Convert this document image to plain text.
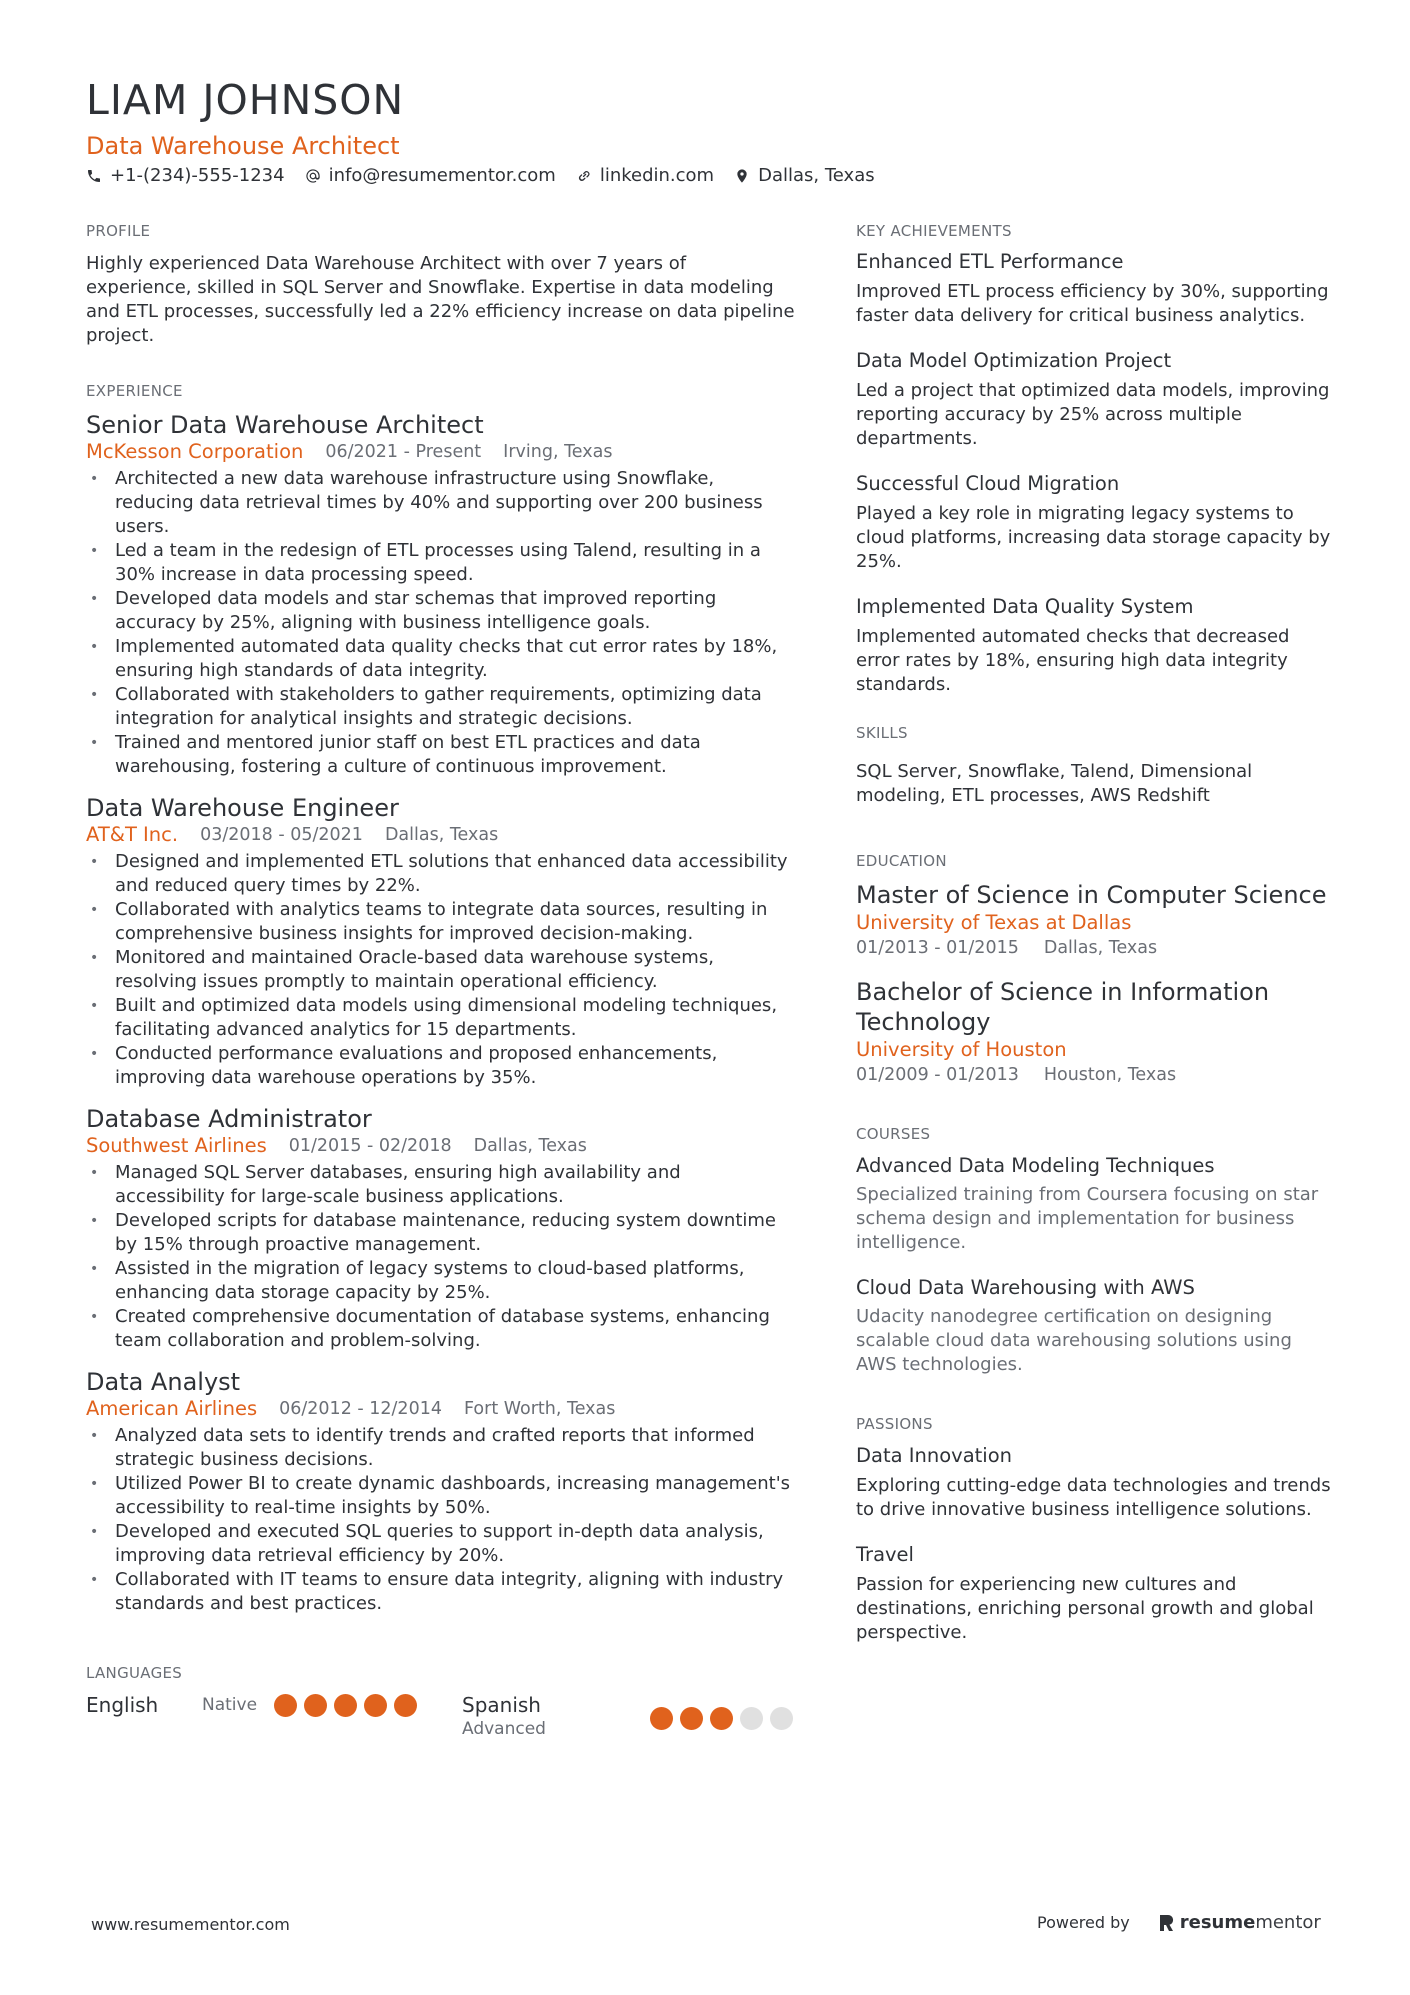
LIAM JOHNSON
Data Warehouse Architect
+1-(234)-555-1234 info@resumementor.com linkedin.com Dallas, Texas
PROFILE
Highly experienced Data Warehouse Architect with over 7 years of experience, skilled in SQL Server and Snowflake. Expertise in data modeling and ETL processes, successfully led a 22% efficiency increase on data pipeline project.
EXPERIENCE
Senior Data Warehouse Architect
McKesson Corporation 06/2021 - Present Irving, Texas
• Architected a new data warehouse infrastructure using Snowflake, reducing data retrieval times by 40% and supporting over 200 business users.
• Led a team in the redesign of ETL processes using Talend, resulting in a 30% increase in data processing speed.
• Developed data models and star schemas that improved reporting accuracy by 25%, aligning with business intelligence goals.
• Implemented automated data quality checks that cut error rates by 18%, ensuring high standards of data integrity.
• Collaborated with stakeholders to gather requirements, optimizing data integration for analytical insights and strategic decisions.
• Trained and mentored junior staff on best ETL practices and data warehousing, fostering a culture of continuous improvement.
Data Warehouse Engineer
AT&T Inc. 03/2018 - 05/2021 Dallas, Texas
• Designed and implemented ETL solutions that enhanced data accessibility and reduced query times by 22%.
• Collaborated with analytics teams to integrate data sources, resulting in comprehensive business insights for improved decision-making.
• Monitored and maintained Oracle-based data warehouse systems, resolving issues promptly to maintain operational efficiency.
• Built and optimized data models using dimensional modeling techniques, facilitating advanced analytics for 15 departments.
• Conducted performance evaluations and proposed enhancements, improving data warehouse operations by 35%.
Database Administrator
Southwest Airlines 01/2015 - 02/2018 Dallas, Texas
• Managed SQL Server databases, ensuring high availability and accessibility for large-scale business applications.
• Developed scripts for database maintenance, reducing system downtime by 15% through proactive management.
• Assisted in the migration of legacy systems to cloud-based platforms, enhancing data storage capacity by 25%.
• Created comprehensive documentation of database systems, enhancing team collaboration and problem-solving.
Data Analyst
American Airlines 06/2012 - 12/2014 Fort Worth, Texas
• Analyzed data sets to identify trends and crafted reports that informed strategic business decisions.
• Utilized Power BI to create dynamic dashboards, increasing management's accessibility to real-time insights by 50%.
• Developed and executed SQL queries to support in-depth data analysis, improving data retrieval efficiency by 20%.
• Collaborated with IT teams to ensure data integrity, aligning with industry standards and best practices.
LANGUAGES
English	Native	Spanish
Advanced
KEY ACHIEVEMENTS
Enhanced ETL Performance
Improved ETL process efficiency by 30%, supporting faster data delivery for critical business analytics.
Data Model Optimization Project
Led a project that optimized data models, improving reporting accuracy by 25% across multiple departments.
Successful Cloud Migration
Played a key role in migrating legacy systems to cloud platforms, increasing data storage capacity by 25%.
Implemented Data Quality System
Implemented automated checks that decreased error rates by 18%, ensuring high data integrity standards.
SKILLS
SQL Server, Snowflake, Talend, Dimensional modeling, ETL processes, AWS Redshift
EDUCATION
Master of Science in Computer Science
University of Texas at Dallas
01/2013 - 01/2015 Dallas, Texas
Bachelor of Science in Information Technology
University of Houston
01/2009 - 01/2013 Houston, Texas
COURSES
Advanced Data Modeling Techniques
Specialized training from Coursera focusing on star schema design and implementation for business intelligence.
Cloud Data Warehousing with AWS
Udacity nanodegree certification on designing scalable cloud data warehousing solutions using AWS technologies.
PASSIONS
Data Innovation
Exploring cutting-edge data technologies and trends to drive innovative business intelligence solutions.
Travel
Passion for experiencing new cultures and destinations, enriching personal growth and global perspective.
www.resumementor.com	Powered by	resumementor
